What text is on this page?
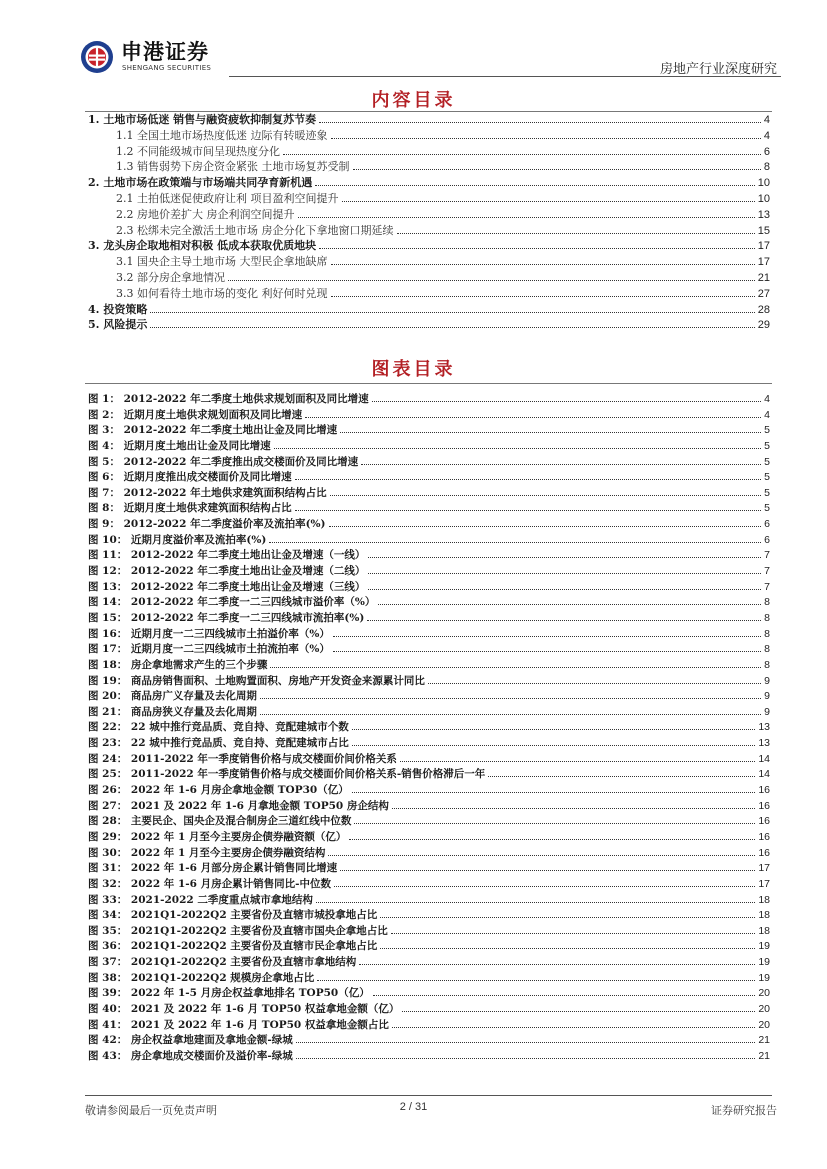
申港证券
SHENGANG SECURITIES	房地产行业深度研究
内容目录
1. 土地市场低迷 销售与融资疲软抑制复苏节奏	4
1.1 全国土地市场热度低迷 边际有转暖迹象	4
1.2 不同能级城市间呈现热度分化	6
1.3 销售弱势下房企资金紧张 土地市场复苏受制	8
2. 土地市场在政策端与市场端共同孕育新机遇	10
2.1 土拍低迷促使政府让利 项目盈利空间提升	10
2.2 房地价差扩大 房企利润空间提升	13
2.3 松绑未完全激活土地市场 房企分化下拿地窗口期延续	15
3. 龙头房企取地相对积极 低成本获取优质地块	17
3.1 国央企主导土地市场 大型民企拿地缺席	17
3.2 部分房企拿地情况	21
3.3 如何看待土地市场的变化 利好何时兑现	27
4. 投资策略	28
5. 风险提示	29
图表目录
图 1： 2012-2022 年二季度土地供求规划面积及同比增速	4
图 2： 近期月度土地供求规划面积及同比增速	4
图 3： 2012-2022 年二季度土地出让金及同比增速	5
图 4： 近期月度土地出让金及同比增速	5
图 5： 2012-2022 年二季度推出成交楼面价及同比增速	5
图 6： 近期月度推出成交楼面价及同比增速	5
图 7： 2012-2022 年土地供求建筑面积结构占比	5
图 8： 近期月度土地供求建筑面积结构占比	5
图 9： 2012-2022 年二季度溢价率及流拍率(%)	6
图 10： 近期月度溢价率及流拍率(%)	6
图 11： 2012-2022 年二季度土地出让金及增速（一线）	7
图 12： 2012-2022 年二季度土地出让金及增速（二线）	7
图 13： 2012-2022 年二季度土地出让金及增速（三线）	7
图 14： 2012-2022 年二季度一二三四线城市溢价率（%）	8
图 15： 2012-2022 年二季度一二三四线城市流拍率(%)	8
图 16： 近期月度一二三四线城市土拍溢价率（%）	8
图 17： 近期月度一二三四线城市土拍流拍率（%）	8
图 18： 房企拿地需求产生的三个步骤	8
图 19： 商品房销售面积、土地购置面积、房地产开发资金来源累计同比	9
图 20： 商品房广义存量及去化周期	9
图 21： 商品房狭义存量及去化周期	9
图 22： 22 城中推行竞品质、竞自持、竞配建城市个数	13
图 23： 22 城中推行竞品质、竞自持、竞配建城市占比	13
图 24： 2011-2022 年一季度销售价格与成交楼面价间价格关系	14
图 25： 2011-2022 年一季度销售价格与成交楼面价间价格关系-销售价格滞后一年	14
图 26： 2022 年 1-6 月房企拿地金额 TOP30（亿）	16
图 27： 2021 及 2022 年 1-6 月拿地金额 TOP50 房企结构	16
图 28： 主要民企、国央企及混合制房企三道红线中位数	16
图 29： 2022 年 1 月至今主要房企债券融资额（亿）	16
图 30： 2022 年 1 月至今主要房企债券融资结构	16
图 31： 2022 年 1-6 月部分房企累计销售同比增速	17
图 32： 2022 年 1-6 月房企累计销售同比-中位数	17
图 33： 2021-2022 二季度重点城市拿地结构	18
图 34： 2021Q1-2022Q2 主要省份及直辖市城投拿地占比	18
图 35： 2021Q1-2022Q2 主要省份及直辖市国央企拿地占比	18
图 36： 2021Q1-2022Q2 主要省份及直辖市民企拿地占比	19
图 37： 2021Q1-2022Q2 主要省份及直辖市拿地结构	19
图 38： 2021Q1-2022Q2 规模房企拿地占比	19
图 39： 2022 年 1-5 月房企权益拿地排名 TOP50（亿）	20
图 40： 2021 及 2022 年 1-6 月 TOP50 权益拿地金额（亿）	20
图 41： 2021 及 2022 年 1-6 月 TOP50 权益拿地金额占比	20
图 42： 房企权益拿地建面及拿地金额-绿城	21
图 43： 房企拿地成交楼面价及溢价率-绿城	21
敬请参阅最后一页免责声明	2 / 31	证券研究报告
